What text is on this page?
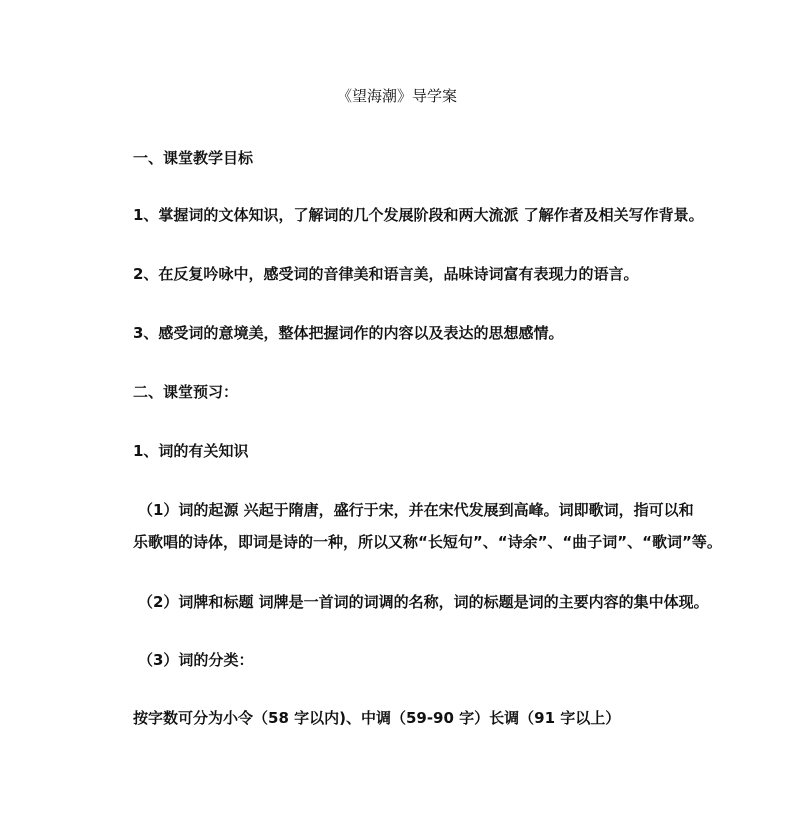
《望海潮》导学案
一、课堂教学目标
1、掌握词的文体知识，了解词的几个发展阶段和两大流派 了解作者及相关写作背景。
2、在反复吟咏中，感受词的音律美和语言美，品味诗词富有表现力的语言。
3、感受词的意境美，整体把握词作的内容以及表达的思想感情。
二、课堂预习：
1、词的有关知识
（1）词的起源 兴起于隋唐，盛行于宋，并在宋代发展到高峰。词即歌词，指可以和
乐歌唱的诗体，即词是诗的一种，所以又称“长短句”、“诗余”、“曲子词”、“歌词”等。
（2）词牌和标题 词牌是一首词的词调的名称，词的标题是词的主要内容的集中体现。
（3）词的分类：
按字数可分为小令（58 字以内)、中调（59-90 字）长调（91 字以上）
